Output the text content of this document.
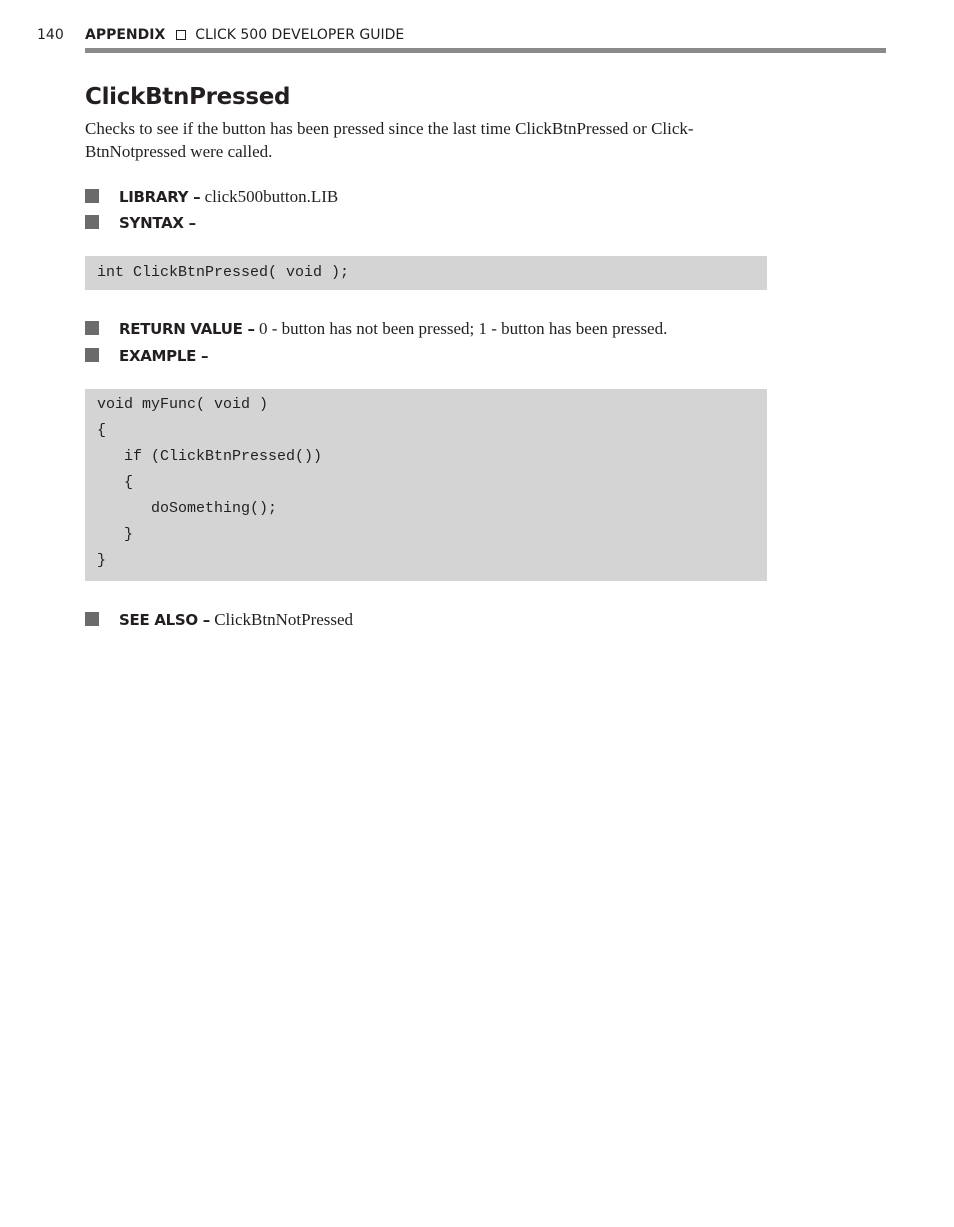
140 APPENDIX CLICK 500 DEVELOPER GUIDE
ClickBtnPressed

Checks to see if the button has been pressed since the last time ClickBtnPressed or Click-BtnNotpressed were called.

LIBRARY – click500button.LIB
SYNTAX –
int ClickBtnPressed( void );
RETURN VALUE – 0 - button has not been pressed; 1 - button has been pressed.
EXAMPLE –
void myFunc( void )
{
if (ClickBtnPressed())
{
doSomething();
}
}
SEE ALSO – ClickBtnNotPressed
